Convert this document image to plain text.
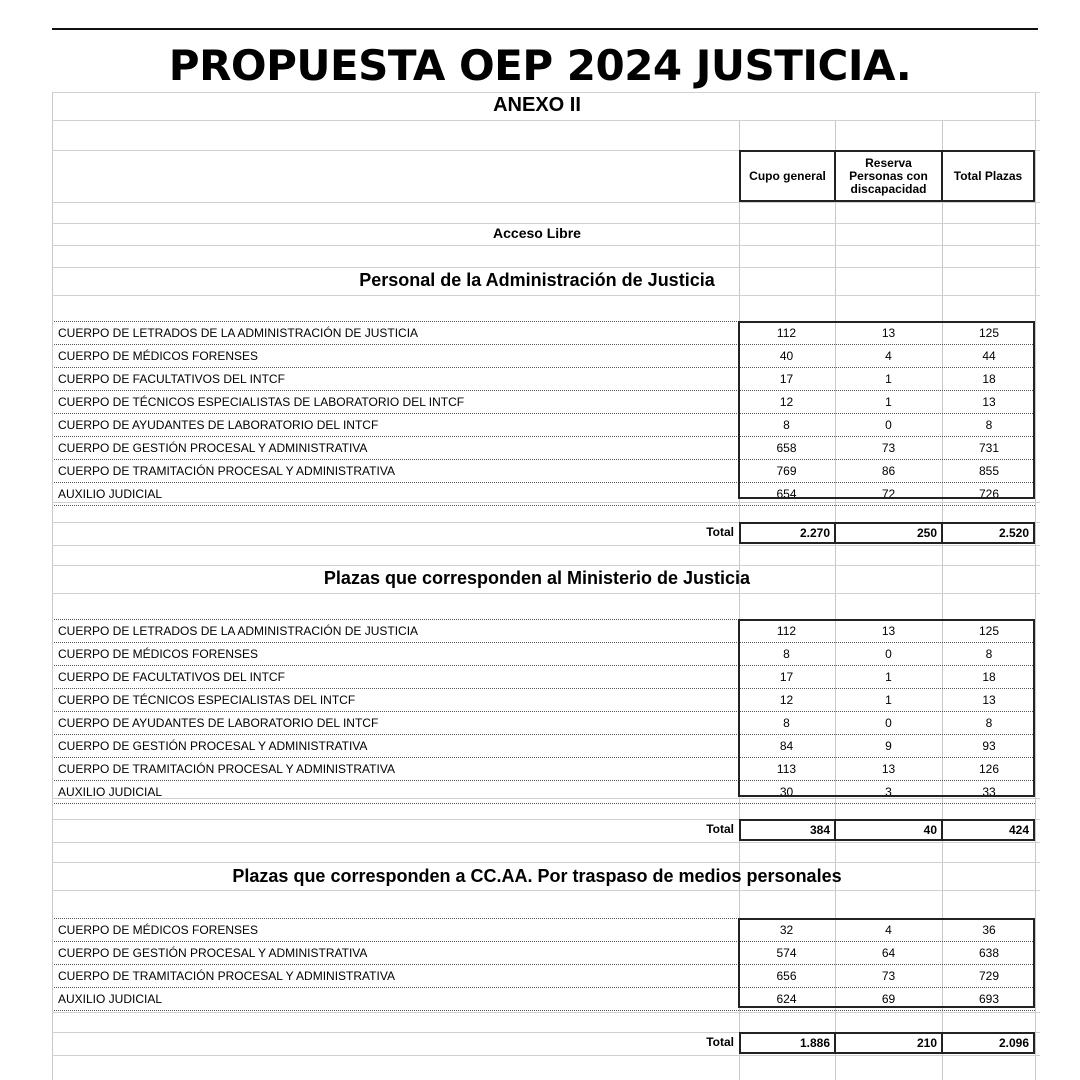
PROPUESTA OEP 2024 JUSTICIA.
ANEXO II
Cupo general
Reserva Personas con discapacidad
Total Plazas
Acceso Libre
Personal de la Administración de Justicia
CUERPO DE LETRADOS DE LA ADMINISTRACIÓN DE JUSTICIA	112	13	125
CUERPO DE MÉDICOS FORENSES	40	4	44
CUERPO DE FACULTATIVOS DEL INTCF	17	1	18
CUERPO DE TÉCNICOS ESPECIALISTAS DE LABORATORIO DEL INTCF	12	1	13
CUERPO DE AYUDANTES DE LABORATORIO DEL INTCF	8	0	8
CUERPO DE GESTIÓN PROCESAL Y ADMINISTRATIVA	658	73	731
CUERPO DE TRAMITACIÓN PROCESAL Y ADMINISTRATIVA	769	86	855
AUXILIO JUDICIAL	654	72	726
Total	2.270	250	2.520
Plazas que corresponden al Ministerio de Justicia
CUERPO DE LETRADOS DE LA ADMINISTRACIÓN DE JUSTICIA	112	13	125
CUERPO DE MÉDICOS FORENSES	8	0	8
CUERPO DE FACULTATIVOS DEL INTCF	17	1	18
CUERPO DE TÉCNICOS ESPECIALISTAS DEL INTCF	12	1	13
CUERPO DE AYUDANTES DE LABORATORIO DEL INTCF	8	0	8
CUERPO DE GESTIÓN PROCESAL Y ADMINISTRATIVA	84	9	93
CUERPO DE TRAMITACIÓN PROCESAL Y ADMINISTRATIVA	113	13	126
AUXILIO JUDICIAL	30	3	33
Total	384	40	424
Plazas que corresponden a CC.AA. Por traspaso de medios personales
CUERPO DE MÉDICOS FORENSES	32	4	36
CUERPO DE GESTIÓN PROCESAL Y ADMINISTRATIVA	574	64	638
CUERPO DE TRAMITACIÓN PROCESAL Y ADMINISTRATIVA	656	73	729
AUXILIO JUDICIAL	624	69	693
Total	1.886	210	2.096
